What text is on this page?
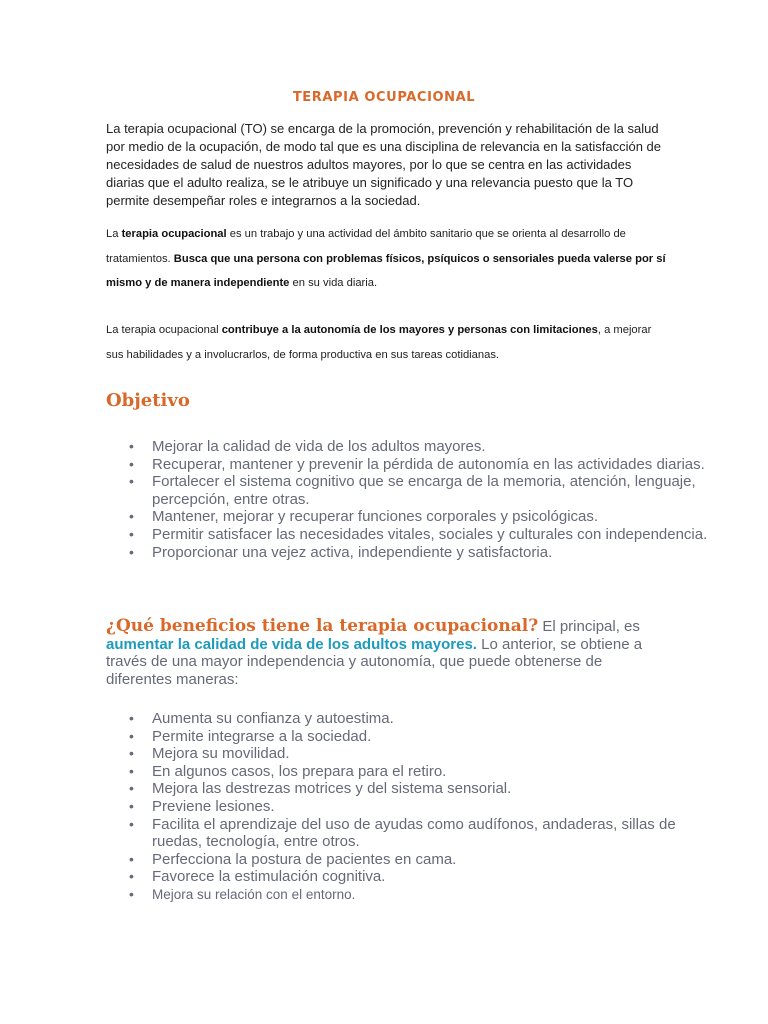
TERAPIA OCUPACIONAL
La terapia ocupacional (TO) se encarga de la promoción, prevención y rehabilitación de la salud por medio de la ocupación, de modo tal que es una disciplina de relevancia en la satisfacción de necesidades de salud de nuestros adultos mayores, por lo que se centra en las actividades diarias que el adulto realiza, se le atribuye un significado y una relevancia puesto que la TO permite desempeñar roles e integrarnos a la sociedad.
La terapia ocupacional es un trabajo y una actividad del ámbito sanitario que se orienta al desarrollo de tratamientos. Busca que una persona con problemas físicos, psíquicos o sensoriales pueda valerse por sí mismo y de manera independiente en su vida diaria.
La terapia ocupacional contribuye a la autonomía de los mayores y personas con limitaciones, a mejorar sus habilidades y a involucrarlos, de forma productiva en sus tareas cotidianas.
Objetivo
• Mejorar la calidad de vida de los adultos mayores.
• Recuperar, mantener y prevenir la pérdida de autonomía en las actividades diarias.
• Fortalecer el sistema cognitivo que se encarga de la memoria, atención, lenguaje, percepción, entre otras.
• Mantener, mejorar y recuperar funciones corporales y psicológicas.
• Permitir satisfacer las necesidades vitales, sociales y culturales con independencia.
• Proporcionar una vejez activa, independiente y satisfactoria.
¿Qué beneficios tiene la terapia ocupacional? El principal, es aumentar la calidad de vida de los adultos mayores. Lo anterior, se obtiene a través de una mayor independencia y autonomía, que puede obtenerse de diferentes maneras:
• Aumenta su confianza y autoestima.
• Permite integrarse a la sociedad.
• Mejora su movilidad.
• En algunos casos, los prepara para el retiro.
• Mejora las destrezas motrices y del sistema sensorial.
• Previene lesiones.
• Facilita el aprendizaje del uso de ayudas como audífonos, andaderas, sillas de ruedas, tecnología, entre otros.
• Perfecciona la postura de pacientes en cama.
• Favorece la estimulación cognitiva.
• Mejora su relación con el entorno.
